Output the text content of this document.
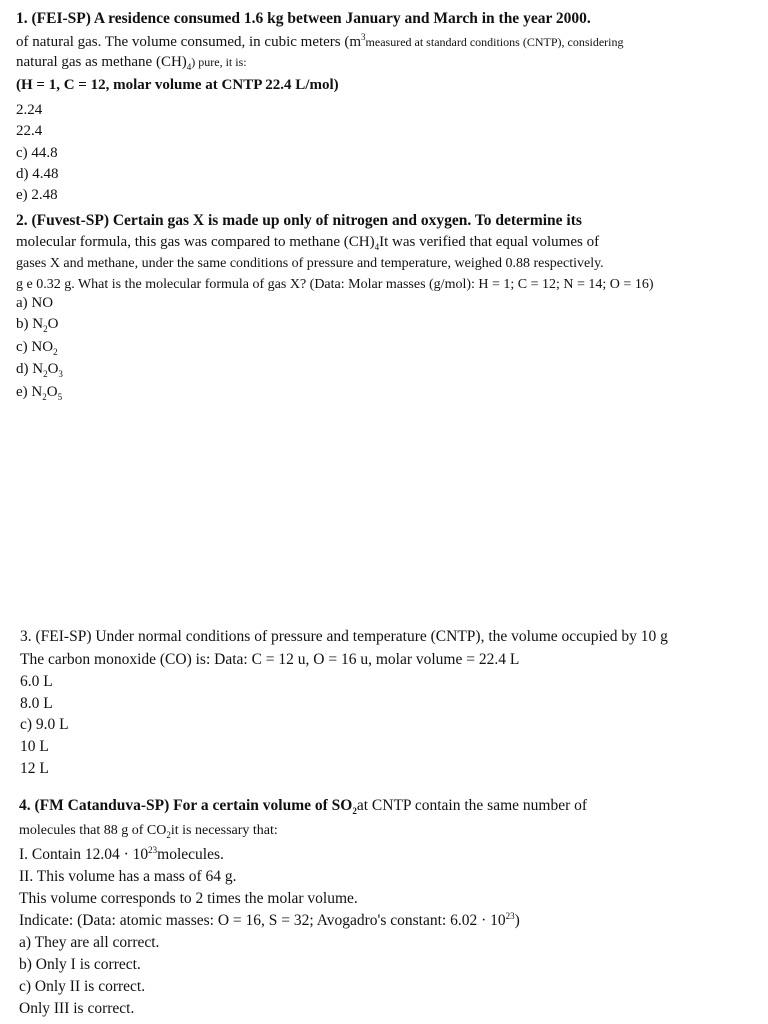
1. (FEI-SP) A residence consumed 1.6 kg between January and March in the year 2000.
of natural gas. The volume consumed, in cubic meters ($m^3measured$ at standard conditions (CNTP), considering
natural gas as methane $(CH)_4$) pure, it is:
(H = 1, C = 12, molar volume at CNTP 22.4 L/mol)
2.24
22.4
c) 44.8
d) 4.48
e) 2.48
2. (Fuvest-SP) Certain gas X is made up only of nitrogen and oxygen. To determine its
molecular formula, this gas was compared to methane $(CH)_4It$ was verified that equal volumes of
gases X and methane, under the same conditions of pressure and temperature, weighed 0.88 respectively.
g e 0.32 g. What is the molecular formula of gas X? (Data: Molar masses (g/mol): H = 1; C = 12; N = 14; O = 16)
a) NO
b) $N_2O$
c) $NO_2$
d) $N_2O_3$
e) $N_2O_5$
3. (FEI-SP) Under normal conditions of pressure and temperature (CNTP), the volume occupied by 10 g
The carbon monoxide (CO) is: Data: C = 12 u, O = 16 u, molar volume = 22.4 L
6.0 L
8.0 L
c) 9.0 L
10 L
12 L
4. (FM Catanduva-SP) For a certain volume of $SO_2at$ CNTP contain the same number of
molecules that 88 g of $CO_2it$ is necessary that:
I. Contain $12.04 \cdot 10^{23}molecules$.
II. This volume has a mass of 64 g.
This volume corresponds to 2 times the molar volume.
Indicate: (Data: atomic masses: O = 16, S = 32; Avogadro's constant: $6.02 \cdot 10^{23}$)
a) They are all correct.
b) Only I is correct.
c) Only II is correct.
Only III is correct.
